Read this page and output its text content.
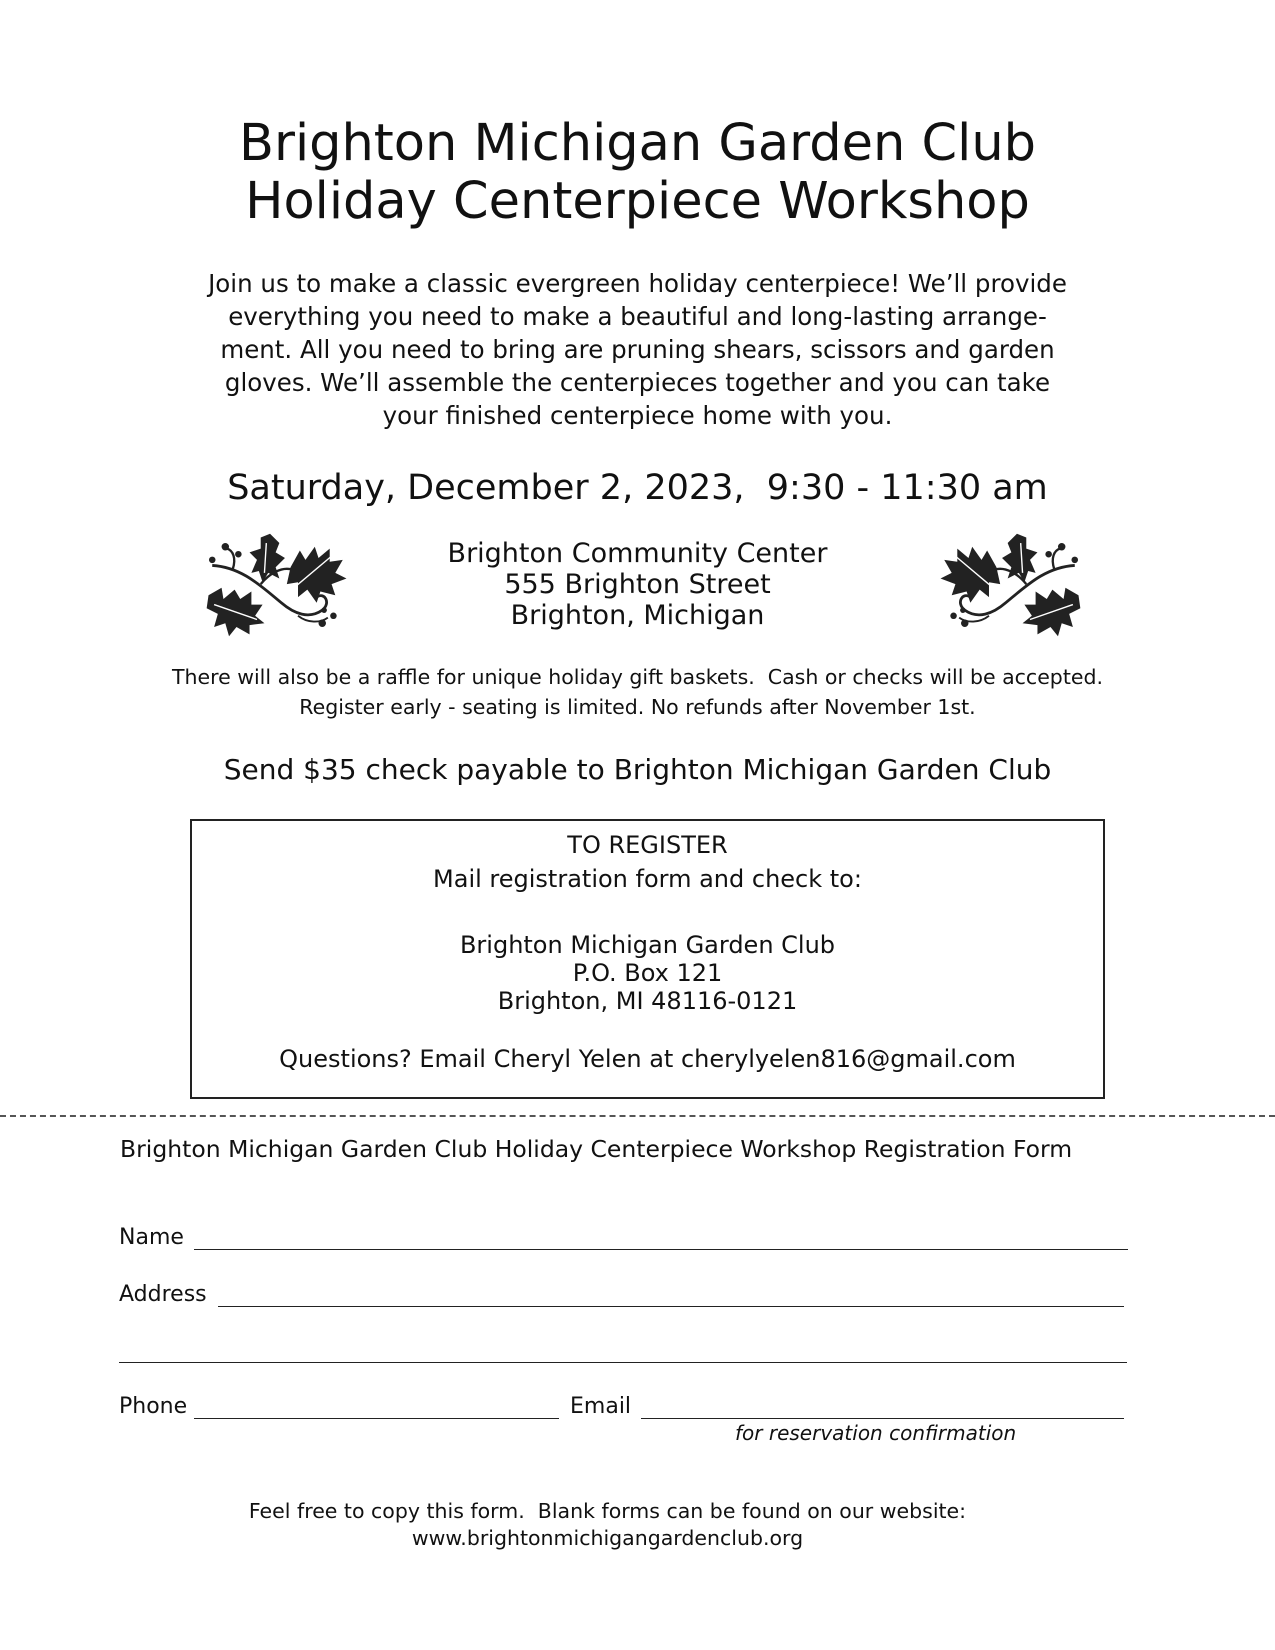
Brighton Michigan Garden Club
Holiday Centerpiece Workshop
Join us to make a classic evergreen holiday centerpiece! We’ll provide
everything you need to make a beautiful and long-lasting arrange-
ment. All you need to bring are pruning shears, scissors and garden
gloves. We’ll assemble the centerpieces together and you can take
your finished centerpiece home with you.
Saturday, December 2, 2023,  9:30 - 11:30 am
Brighton Community Center
555 Brighton Street
Brighton, Michigan
There will also be a raffle for unique holiday gift baskets.  Cash or checks will be accepted.
Register early - seating is limited. No refunds after November 1st.
Send $35 check payable to Brighton Michigan Garden Club
TO REGISTER
Mail registration form and check to:
Brighton Michigan Garden Club
P.O. Box 121
Brighton, MI 48116-0121
Questions? Email Cheryl Yelen at cherylyelen816@gmail.com
Brighton Michigan Garden Club Holiday Centerpiece Workshop Registration Form
Name
Address
Phone	Email
for reservation confirmation
Feel free to copy this form.  Blank forms can be found on our website:
www.brightonmichigangardenclub.org
